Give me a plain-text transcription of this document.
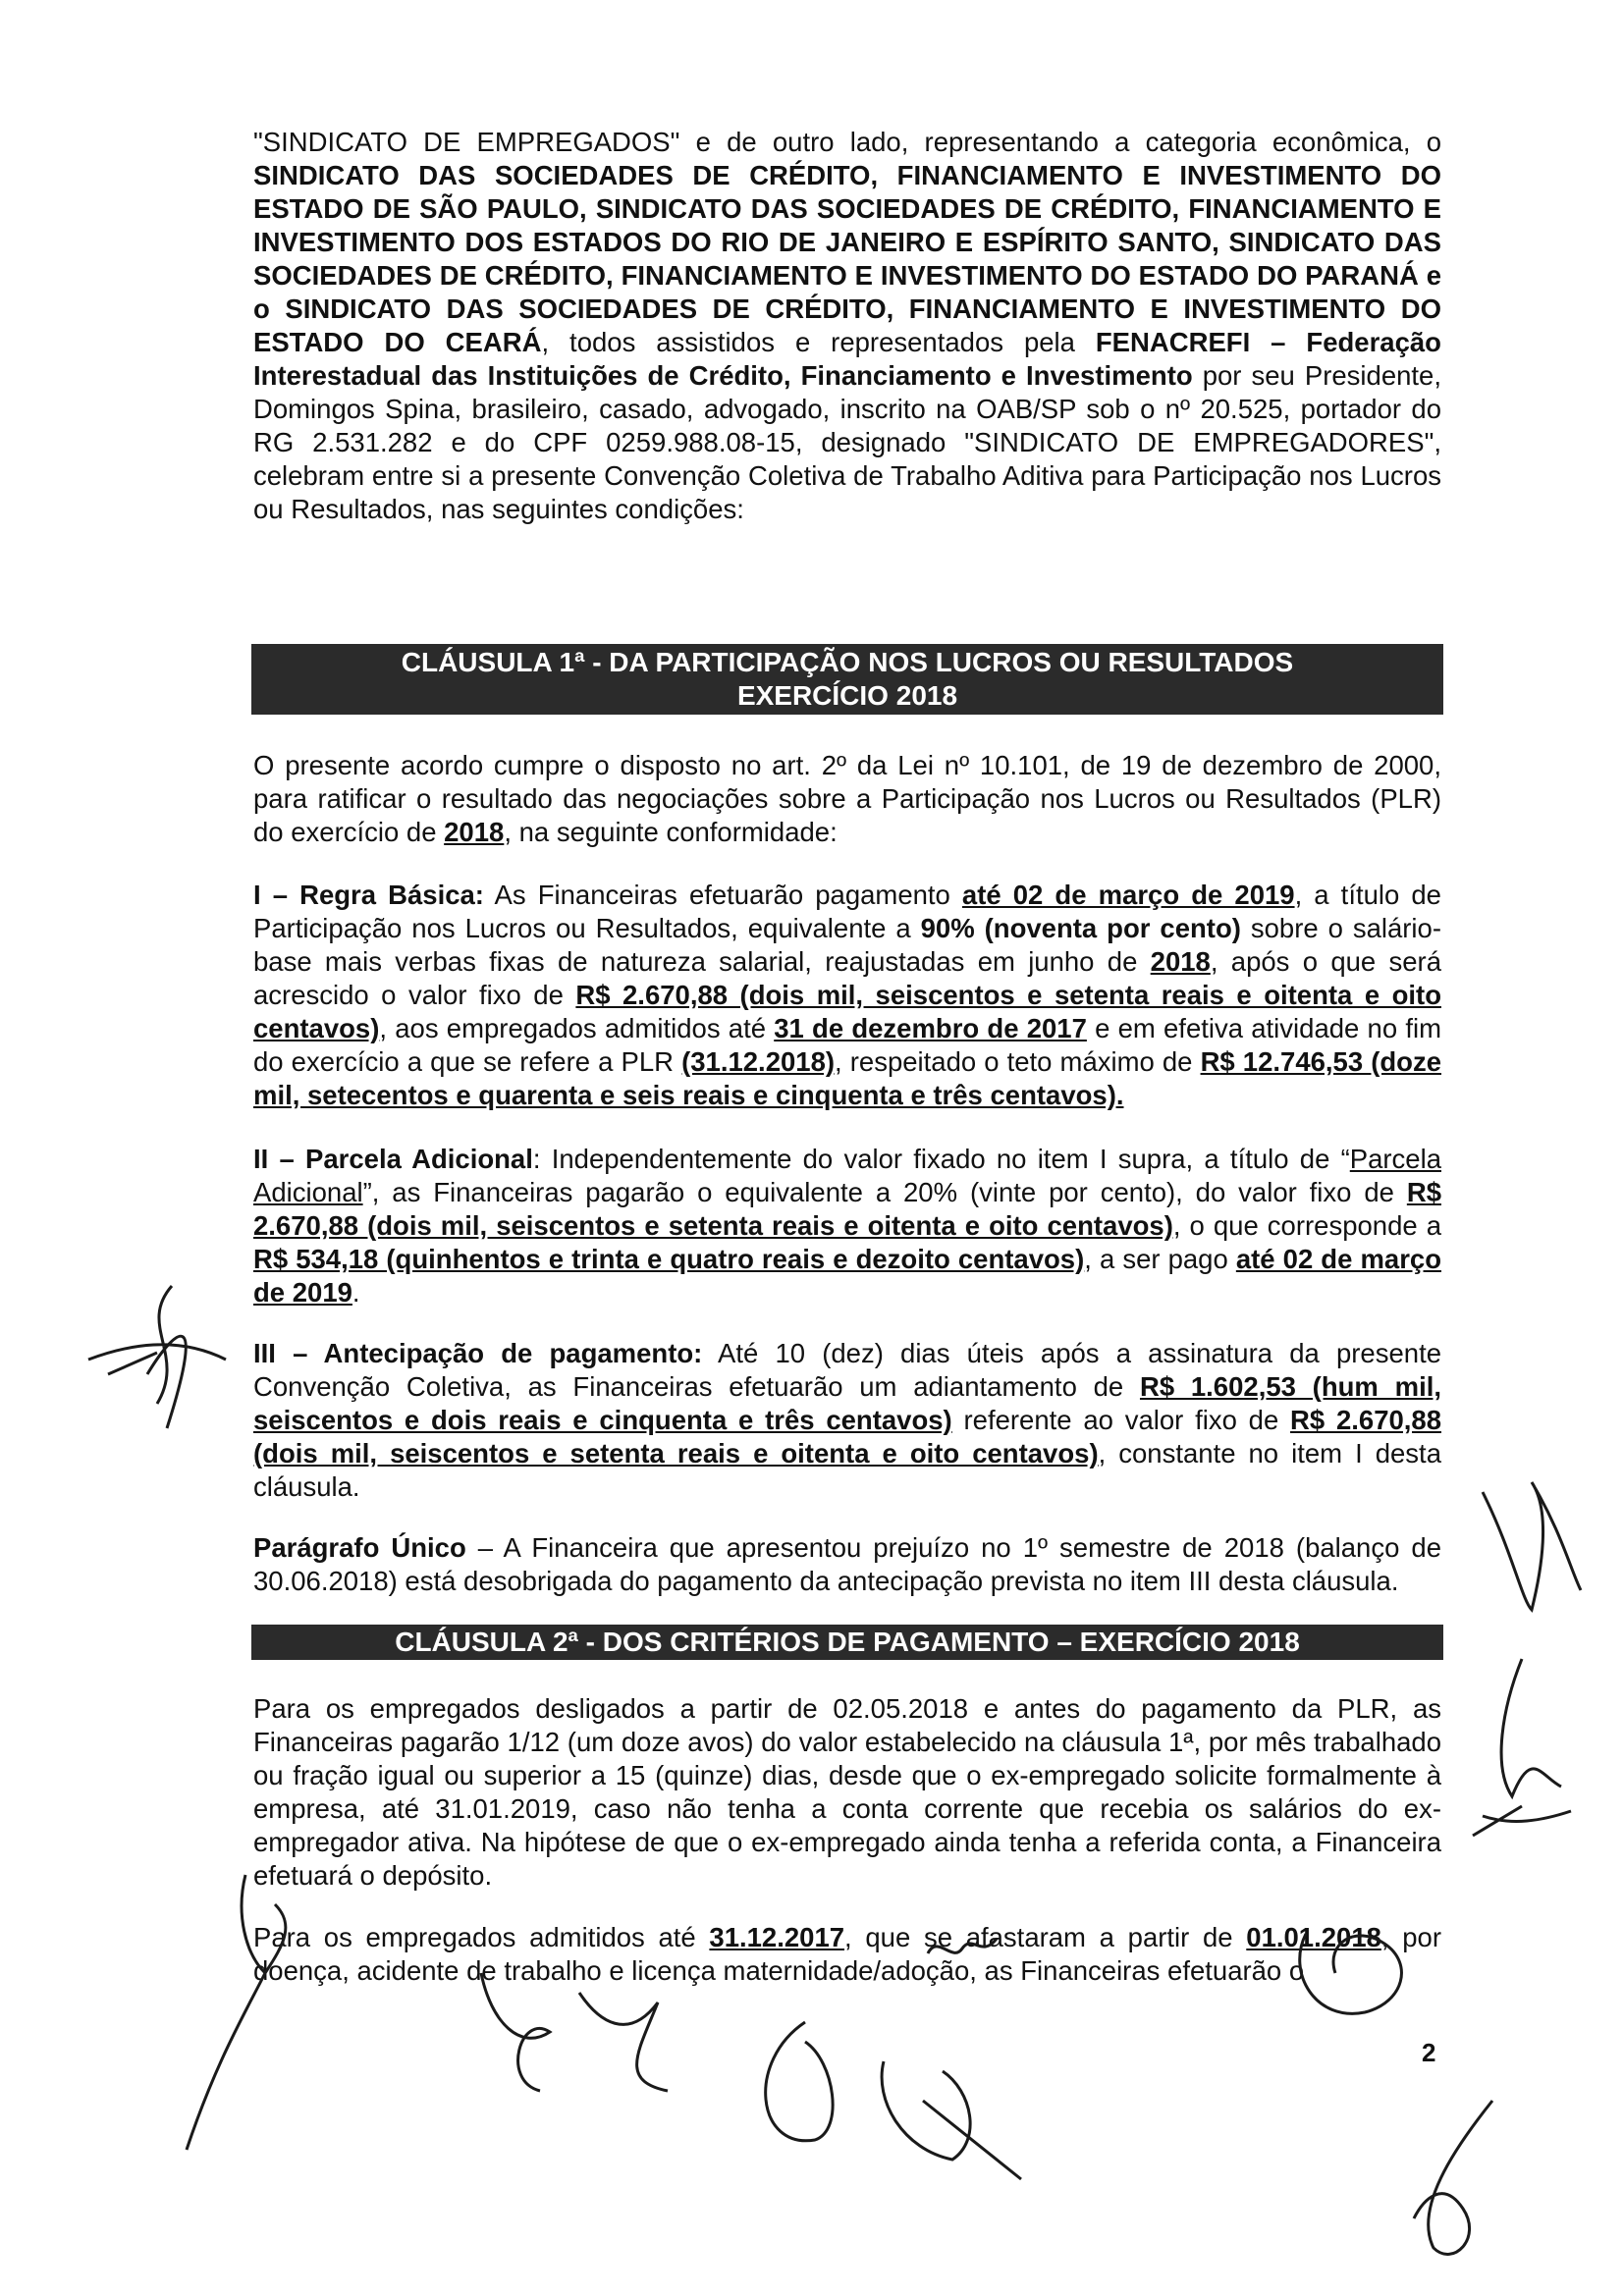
"SINDICATO DE EMPREGADOS" e de outro lado, representando a categoria econômica, o SINDICATO DAS SOCIEDADES DE CRÉDITO, FINANCIAMENTO E INVESTIMENTO DO ESTADO DE SÃO PAULO, SINDICATO DAS SOCIEDADES DE CRÉDITO, FINANCIAMENTO E INVESTIMENTO DOS ESTADOS DO RIO DE JANEIRO E ESPÍRITO SANTO, SINDICATO DAS SOCIEDADES DE CRÉDITO, FINANCIAMENTO E INVESTIMENTO DO ESTADO DO PARANÁ e o SINDICATO DAS SOCIEDADES DE CRÉDITO, FINANCIAMENTO E INVESTIMENTO DO ESTADO DO CEARÁ, todos assistidos e representados pela FENACREFI – Federação Interestadual das Instituições de Crédito, Financiamento e Investimento por seu Presidente, Domingos Spina, brasileiro, casado, advogado, inscrito na OAB/SP sob o nº 20.525, portador do RG 2.531.282 e do CPF 0259.988.08-15, designado "SINDICATO DE EMPREGADORES", celebram entre si a presente Convenção Coletiva de Trabalho Aditiva para Participação nos Lucros ou Resultados, nas seguintes condições:

CLÁUSULA 1ª - DA PARTICIPAÇÃO NOS LUCROS OU RESULTADOS
EXERCÍCIO 2018

O presente acordo cumpre o disposto no art. 2º da Lei nº 10.101, de 19 de dezembro de 2000, para ratificar o resultado das negociações sobre a Participação nos Lucros ou Resultados (PLR) do exercício de 2018, na seguinte conformidade:

I – Regra Básica: As Financeiras efetuarão pagamento até 02 de março de 2019, a título de Participação nos Lucros ou Resultados, equivalente a 90% (noventa por cento) sobre o salário-base mais verbas fixas de natureza salarial, reajustadas em junho de 2018, após o que será acrescido o valor fixo de R$ 2.670,88 (dois mil, seiscentos e setenta reais e oitenta e oito centavos), aos empregados admitidos até 31 de dezembro de 2017 e em efetiva atividade no fim do exercício a que se refere a PLR (31.12.2018), respeitado o teto máximo de R$ 12.746,53 (doze mil, setecentos e quarenta e seis reais e cinquenta e três centavos).

II – Parcela Adicional: Independentemente do valor fixado no item I supra, a título de “Parcela Adicional”, as Financeiras pagarão o equivalente a 20% (vinte por cento), do valor fixo de R$ 2.670,88 (dois mil, seiscentos e setenta reais e oitenta e oito centavos), o que corresponde a R$ 534,18 (quinhentos e trinta e quatro reais e dezoito centavos), a ser pago até 02 de março de 2019.

III – Antecipação de pagamento: Até 10 (dez) dias úteis após a assinatura da presente Convenção Coletiva, as Financeiras efetuarão um adiantamento de R$ 1.602,53 (hum mil, seiscentos e dois reais e cinquenta e três centavos) referente ao valor fixo de R$ 2.670,88 (dois mil, seiscentos e setenta reais e oitenta e oito centavos), constante no item I desta cláusula.

Parágrafo Único – A Financeira que apresentou prejuízo no 1º semestre de 2018 (balanço de 30.06.2018) está desobrigada do pagamento da antecipação prevista no item III desta cláusula.

CLÁUSULA 2ª - DOS CRITÉRIOS DE PAGAMENTO – EXERCÍCIO 2018

Para os empregados desligados a partir de 02.05.2018 e antes do pagamento da PLR, as Financeiras pagarão 1/12 (um doze avos) do valor estabelecido na cláusula 1ª, por mês trabalhado ou fração igual ou superior a 15 (quinze) dias, desde que o ex-empregado solicite formalmente à empresa, até 31.01.2019, caso não tenha a conta corrente que recebia os salários do ex-empregador ativa. Na hipótese de que o ex-empregado ainda tenha a referida conta, a Financeira efetuará o depósito.

Para os empregados admitidos até 31.12.2017, que se afastaram a partir de 01.01.2018, por doença, acidente de trabalho e licença maternidade/adoção, as Financeiras efetuarão o

2
